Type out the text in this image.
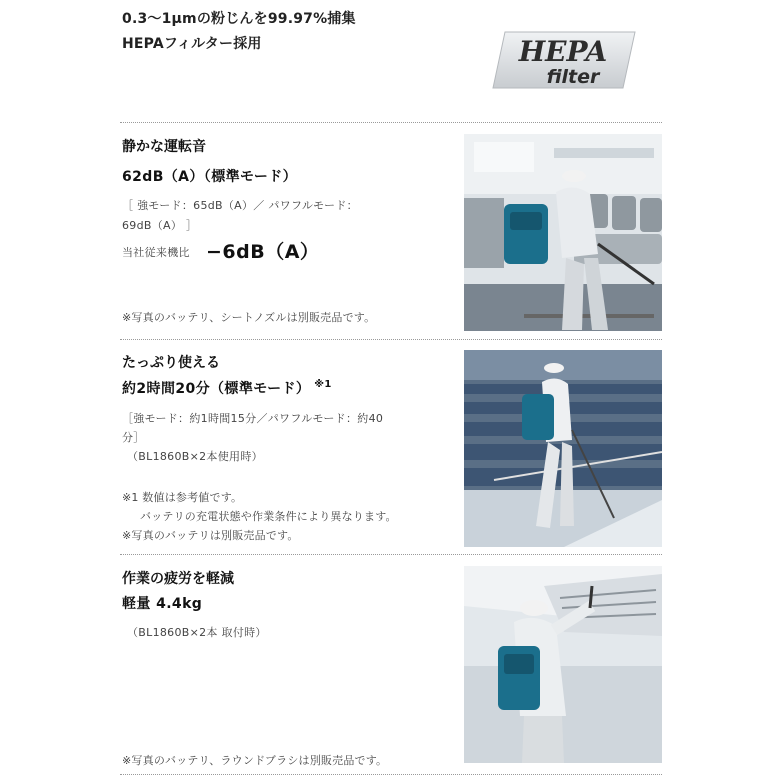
0.3～1μmの粉じんを99.97%捕集
HEPAフィルター採用	HEPA
filter
静かな運転音
62dB（A）（標準モード）
［ 強モード：65dB（A）／ パワフルモード：
69dB（A） ］
当社従来機比 −6dB（A）
※写真のバッテリ、シートノズルは別販売品です。
たっぷり使える
約2時間20分（標準モード） $^{※1}$
［強モード：約1時間15分／パワフルモード：約40
分］
（BL1860B×2本使用時）
※1 数値は参考値です。
バッテリの充電状態や作業条件により異なります。
※写真のバッテリは別販売品です。
作業の疲労を軽減
軽量 4.4kg
（BL1860B×2本 取付時）
※写真のバッテリ、ラウンドブラシは別販売品です。
